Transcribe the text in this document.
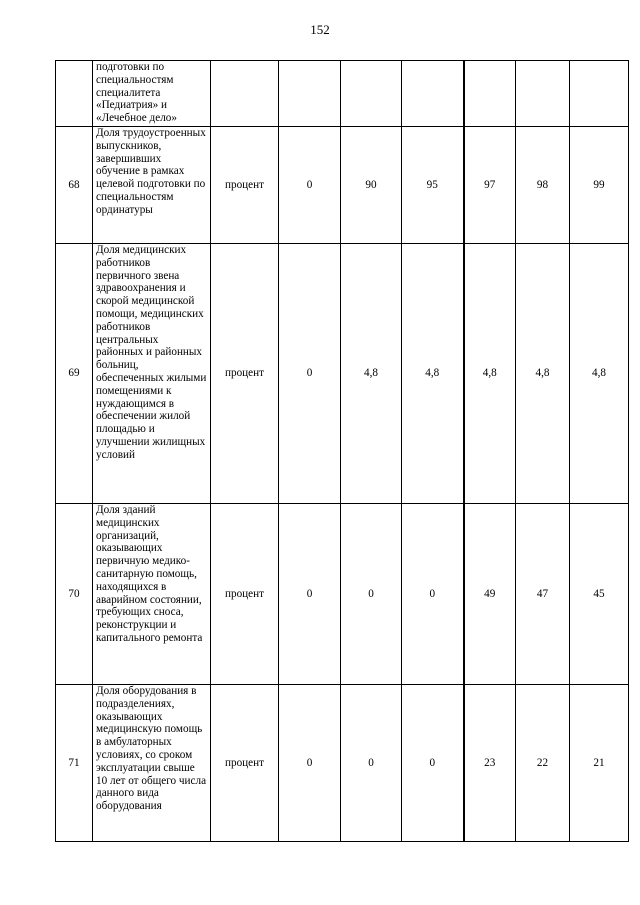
152
	подготовки по специальностям специалитета «Педиатрия» и «Лечебное дело»							
68	Доля трудоустроенных выпускников, завершивших обучение в рамках целевой подготовки по специальностям ординатуры	процент	0	90	95	97	98	99
69	Доля медицинских работников первичного звена здравоохранения и скорой медицинской помощи, медицинских работников центральных районных и районных больниц, обеспеченных жилыми помещениями к нуждающимся в обеспечении жилой площадью и улучшении жилищных условий	процент	0	4,8	4,8	4,8	4,8	4,8
70	Доля зданий медицинских организаций, оказывающих первичную медико-санитарную помощь, находящихся в аварийном состоянии, требующих сноса, реконструкции и капитального ремонта	процент	0	0	0	49	47	45
71	Доля оборудования в подразделениях, оказывающих медицинскую помощь в амбулаторных условиях, со сроком эксплуатации свыше 10 лет от общего числа данного вида оборудования	процент	0	0	0	23	22	21
